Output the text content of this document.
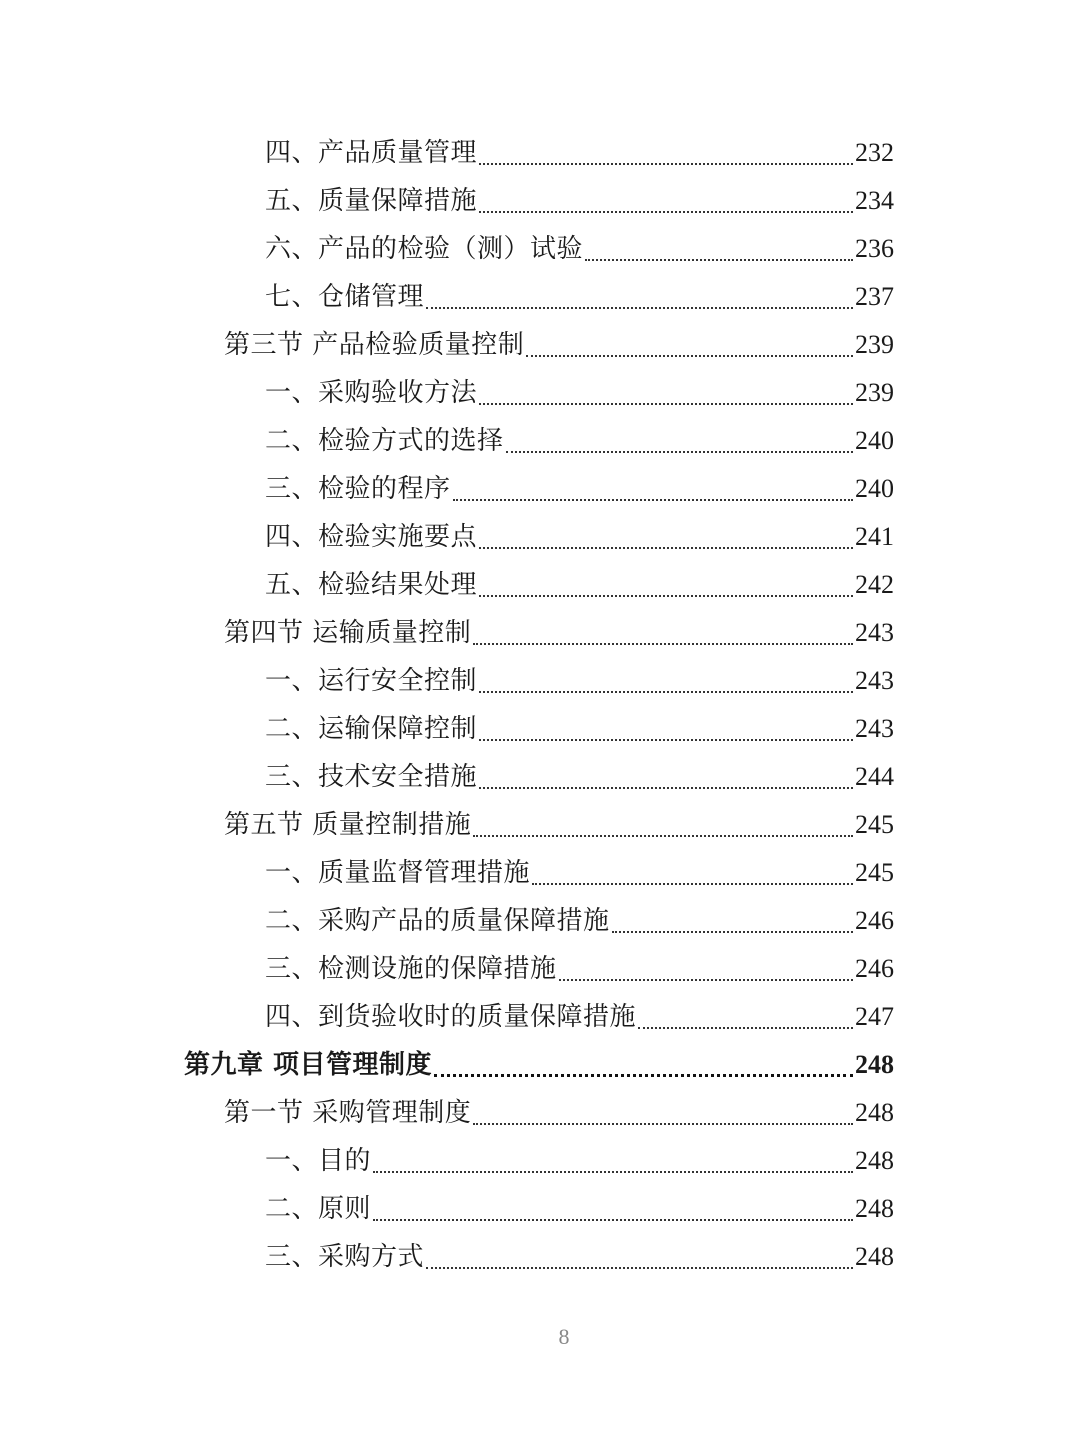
四、产品质量管理	232
五、质量保障措施	234
六、产品的检验（测）试验	236
七、仓储管理	237
第三节 产品检验质量控制	239
一、采购验收方法	239
二、检验方式的选择	240
三、检验的程序	240
四、检验实施要点	241
五、检验结果处理	242
第四节 运输质量控制	243
一、运行安全控制	243
二、运输保障控制	243
三、技术安全措施	244
第五节 质量控制措施	245
一、质量监督管理措施	245
二、采购产品的质量保障措施	246
三、检测设施的保障措施	246
四、到货验收时的质量保障措施	247
第九章 项目管理制度	248
第一节 采购管理制度	248
一、目的	248
二、原则	248
三、采购方式	248
8
